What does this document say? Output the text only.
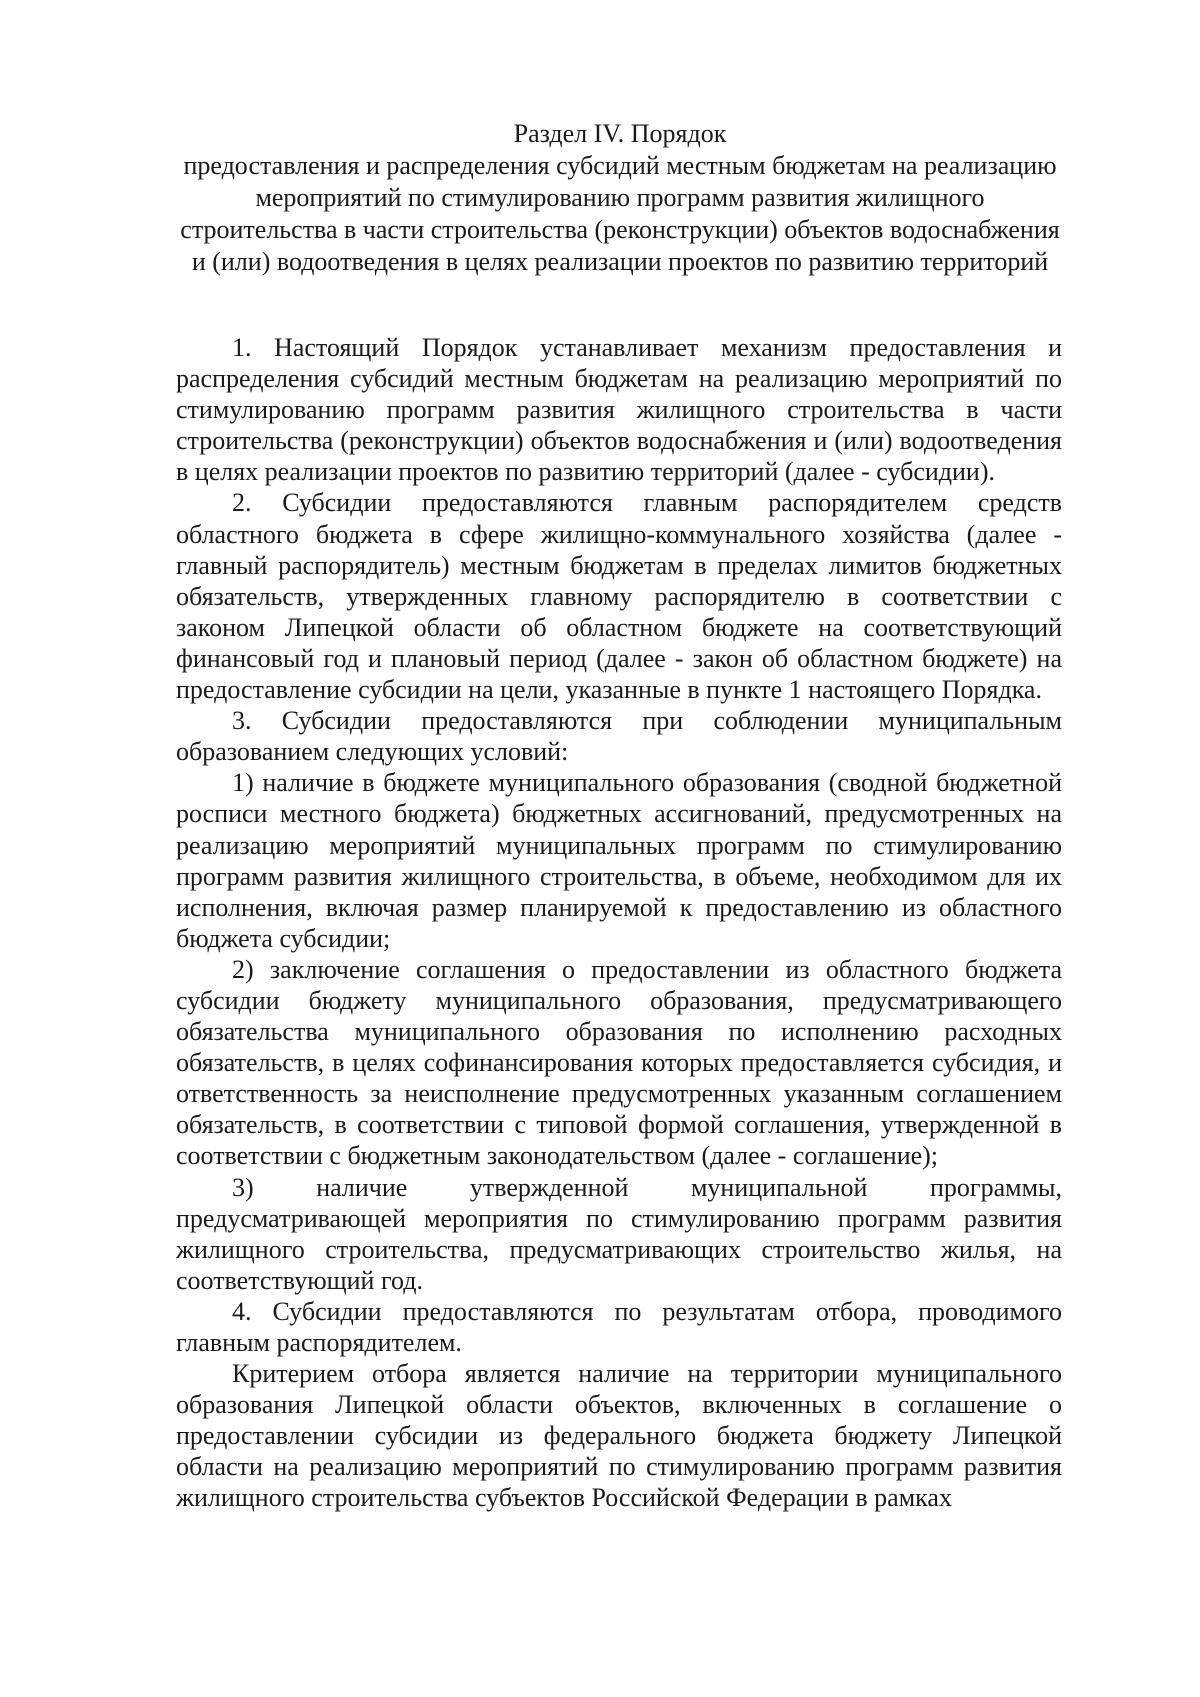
Раздел IV. Порядок
предоставления и распределения субсидий местным бюджетам на реализацию
мероприятий по стимулированию программ развития жилищного
строительства в части строительства (реконструкции) объектов водоснабжения
и (или) водоотведения в целях реализации проектов по развитию территорий

1. Настоящий Порядок устанавливает механизм предоставления и распределения субсидий местным бюджетам на реализацию мероприятий по стимулированию программ развития жилищного строительства в части строительства (реконструкции) объектов водоснабжения и (или) водоотведения в целях реализации проектов по развитию территорий (далее - субсидии).

2. Субсидии предоставляются главным распорядителем средств областного бюджета в сфере жилищно-коммунального хозяйства (далее - главный распорядитель) местным бюджетам в пределах лимитов бюджетных обязательств, утвержденных главному распорядителю в соответствии с законом Липецкой области об областном бюджете на соответствующий финансовый год и плановый период (далее - закон об областном бюджете) на предоставление субсидии на цели, указанные в пункте 1 настоящего Порядка.

3. Субсидии предоставляются при соблюдении муниципальным образованием следующих условий:

1) наличие в бюджете муниципального образования (сводной бюджетной росписи местного бюджета) бюджетных ассигнований, предусмотренных на реализацию мероприятий муниципальных программ по стимулированию программ развития жилищного строительства, в объеме, необходимом для их исполнения, включая размер планируемой к предоставлению из областного бюджета субсидии;

2) заключение соглашения о предоставлении из областного бюджета субсидии бюджету муниципального образования, предусматривающего обязательства муниципального образования по исполнению расходных обязательств, в целях софинансирования которых предоставляется субсидия, и ответственность за неисполнение предусмотренных указанным соглашением обязательств, в соответствии с типовой формой соглашения, утвержденной в соответствии с бюджетным законодательством (далее - соглашение);

3) наличие утвержденной муниципальной программы, предусматривающей мероприятия по стимулированию программ развития жилищного строительства, предусматривающих строительство жилья, на соответствующий год.

4. Субсидии предоставляются по результатам отбора, проводимого главным распорядителем.

Критерием отбора является наличие на территории муниципального образования Липецкой области объектов, включенных в соглашение о предоставлении субсидии из федерального бюджета бюджету Липецкой области на реализацию мероприятий по стимулированию программ развития жилищного строительства субъектов Российской Федерации в рамках
